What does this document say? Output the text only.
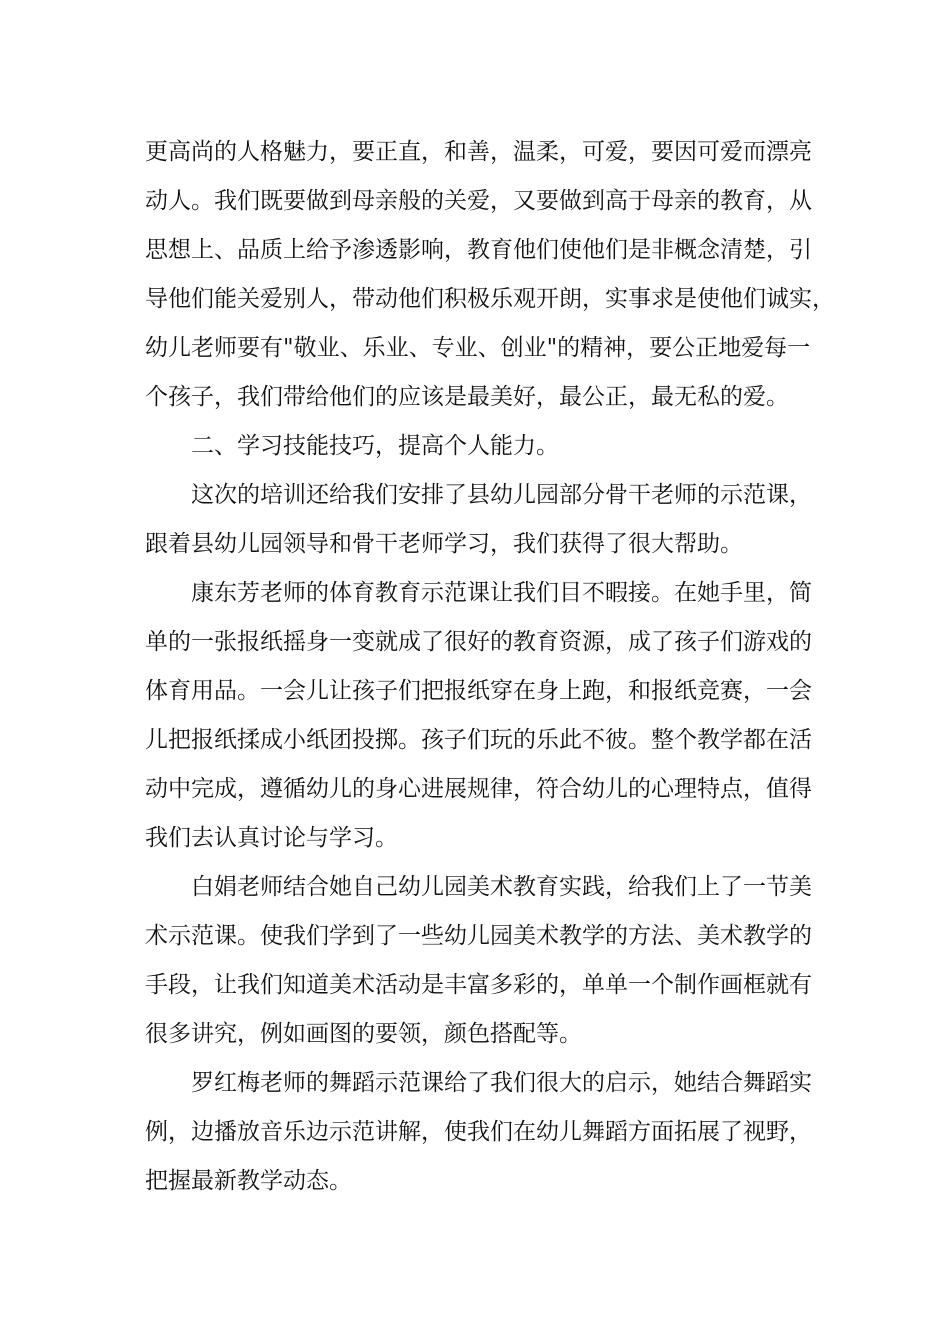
更高尚的人格魅力，要正直，和善，温柔，可爱，要因可爱而漂亮

动人。我们既要做到母亲般的关爱，又要做到高于母亲的教育，从

思想上、品质上给予渗透影响，教育他们使他们是非概念清楚，引

导他们能关爱别人，带动他们积极乐观开朗，实事求是使他们诚实，

幼儿老师要有"敬业、乐业、专业、创业"的精神，要公正地爱每一

个孩子，我们带给他们的应该是最美好，最公正，最无私的爱。

二、学习技能技巧，提高个人能力。

这次的培训还给我们安排了县幼儿园部分骨干老师的示范课，

跟着县幼儿园领导和骨干老师学习，我们获得了很大帮助。

康东芳老师的体育教育示范课让我们目不暇接。在她手里，简

单的一张报纸摇身一变就成了很好的教育资源，成了孩子们游戏的

体育用品。一会儿让孩子们把报纸穿在身上跑，和报纸竞赛，一会

儿把报纸揉成小纸团投掷。孩子们玩的乐此不彼。整个教学都在活

动中完成，遵循幼儿的身心进展规律，符合幼儿的心理特点，值得

我们去认真讨论与学习。

白娟老师结合她自己幼儿园美术教育实践，给我们上了一节美

术示范课。使我们学到了一些幼儿园美术教学的方法、美术教学的

手段，让我们知道美术活动是丰富多彩的，单单一个制作画框就有

很多讲究，例如画图的要领，颜色搭配等。

罗红梅老师的舞蹈示范课给了我们很大的启示，她结合舞蹈实

例，边播放音乐边示范讲解，使我们在幼儿舞蹈方面拓展了视野，

把握最新教学动态。
